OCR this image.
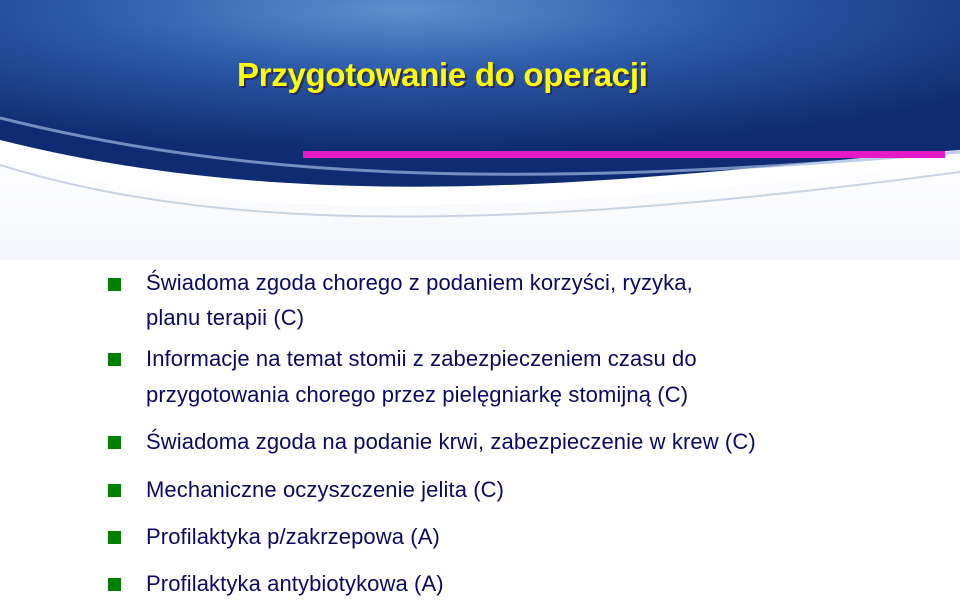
Przygotowanie do operacji
Świadoma zgoda chorego z podaniem korzyści, ryzyka,
planu terapii (C)
Informacje na temat stomii z zabezpieczeniem czasu do
przygotowania chorego przez pielęgniarkę stomijną (C)
Świadoma zgoda na podanie krwi, zabezpieczenie w krew (C)
Mechaniczne oczyszczenie jelita (C)
Profilaktyka p/zakrzepowa (A)
Profilaktyka antybiotykowa (A)
